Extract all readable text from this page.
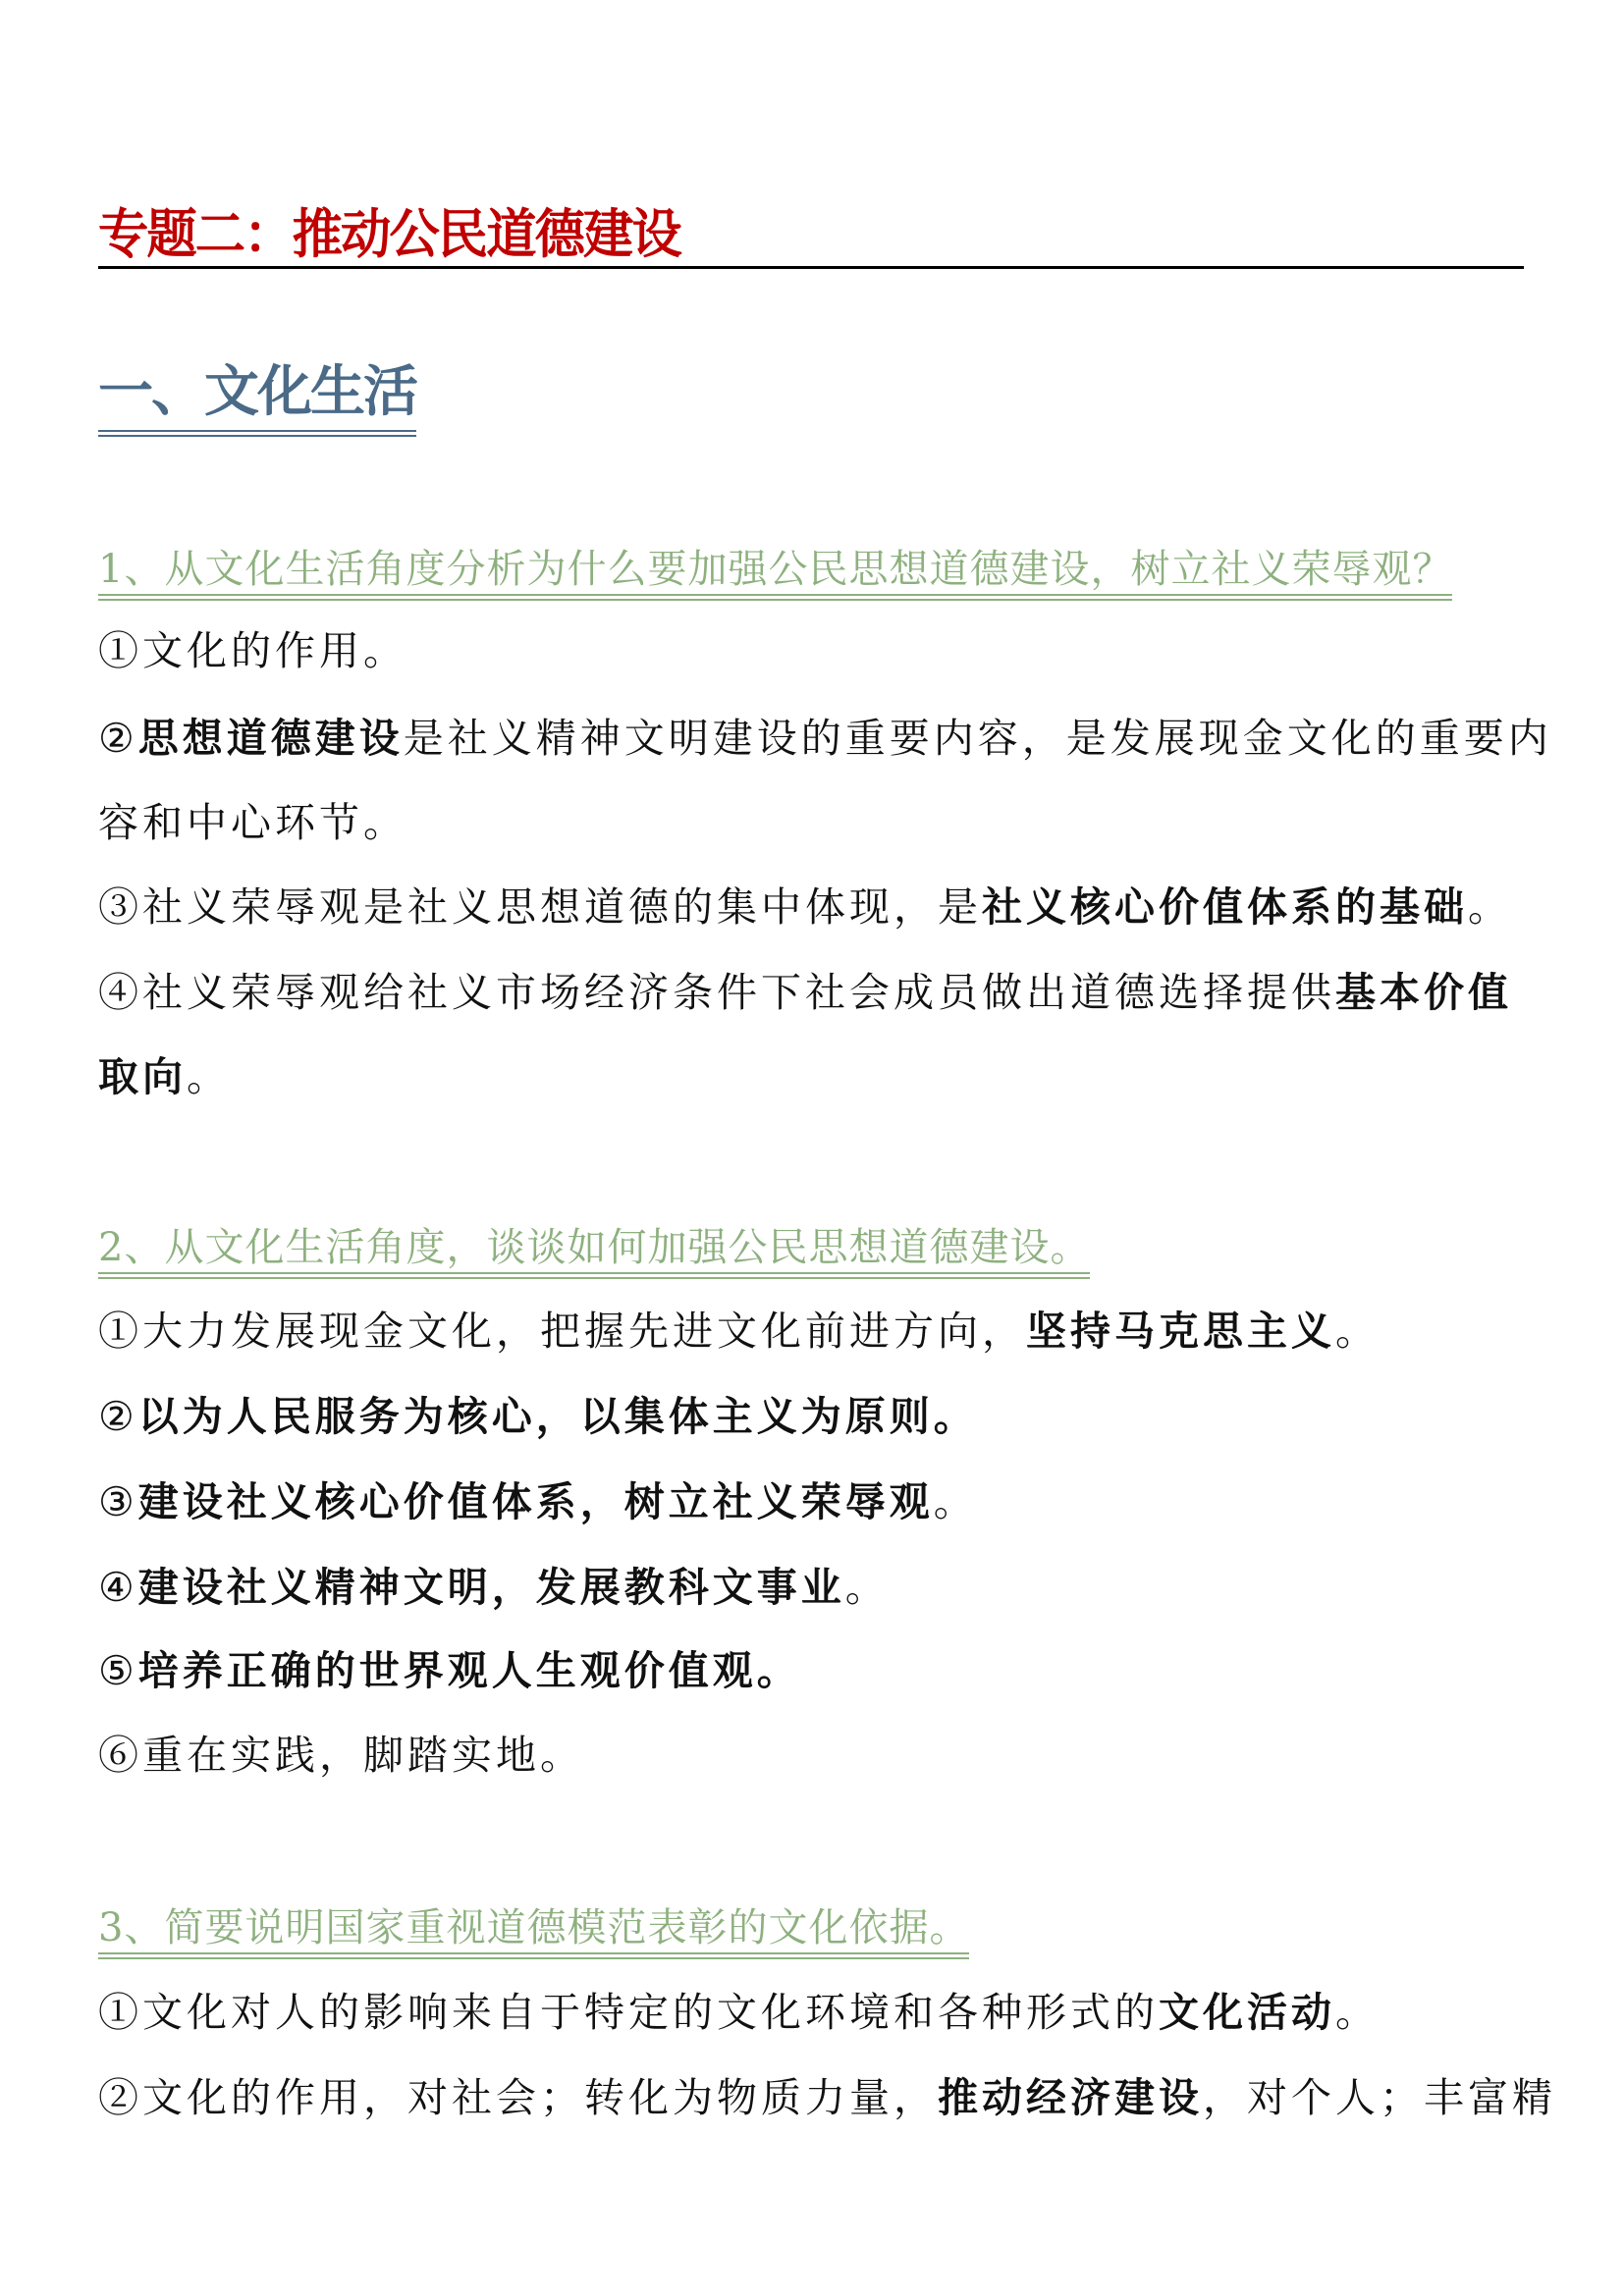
专题二：推动公民道德建设
一、文化生活
1、从文化生活角度分析为什么要加强公民思想道德建设，树立社义荣辱观？
①文化的作用。
②思想道德建设是社义精神文明建设的重要内容，是发展现金文化的重要内
容和中心环节。
③社义荣辱观是社义思想道德的集中体现，是社义核心价值体系的基础。
④社义荣辱观给社义市场经济条件下社会成员做出道德选择提供基本价值
取向。
2、从文化生活角度，谈谈如何加强公民思想道德建设。
①大力发展现金文化，把握先进文化前进方向，坚持马克思主义。
②以为人民服务为核心，以集体主义为原则。
③建设社义核心价值体系，树立社义荣辱观。
④建设社义精神文明，发展教科文事业。
⑤培养正确的世界观人生观价值观。
⑥重在实践，脚踏实地。
3、简要说明国家重视道德模范表彰的文化依据。
①文化对人的影响来自于特定的文化环境和各种形式的文化活动。
②文化的作用，对社会；转化为物质力量，推动经济建设，对个人；丰富精
